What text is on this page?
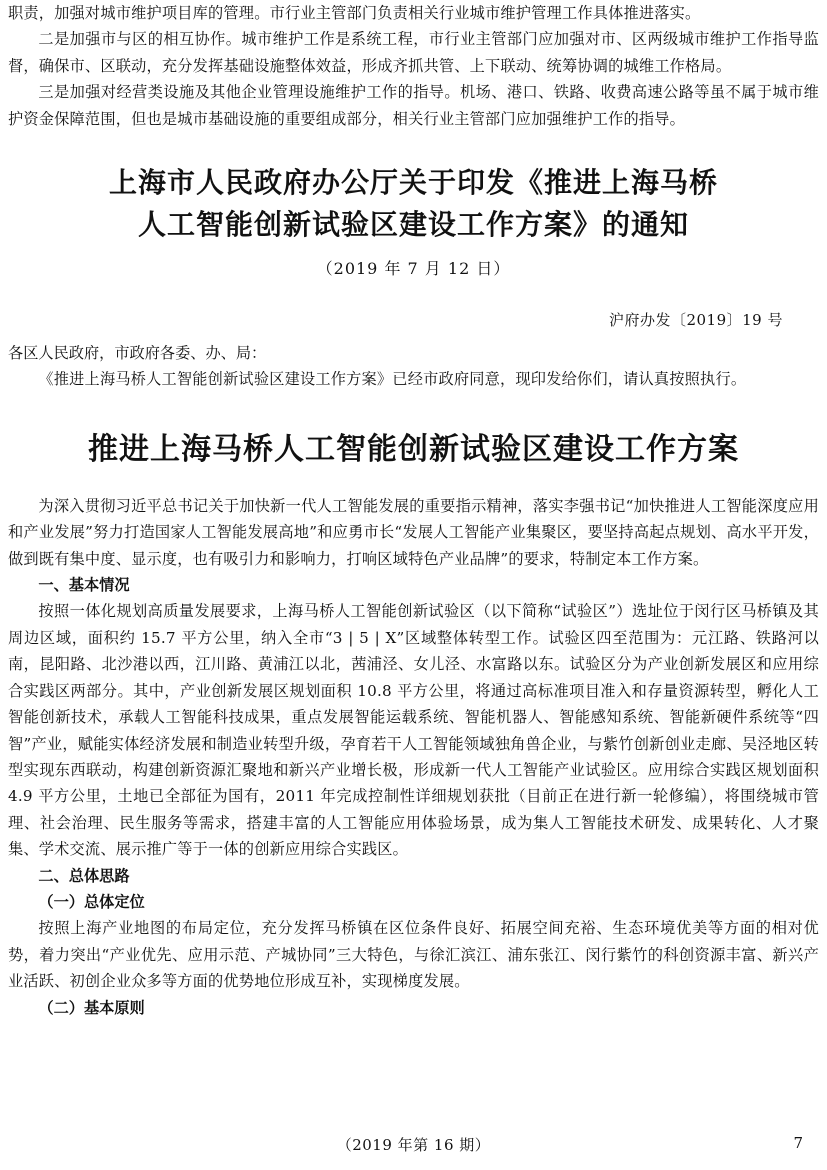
职责，加强对城市维护项目库的管理。市行业主管部门负责相关行业城市维护管理工作具体推进落实。

二是加强市与区的相互协作。城市维护工作是系统工程，市行业主管部门应加强对市、区两级城市维护工作指导监督，确保市、区联动，充分发挥基础设施整体效益，形成齐抓共管、上下联动、统筹协调的城维工作格局。

三是加强对经营类设施及其他企业管理设施维护工作的指导。机场、港口、铁路、收费高速公路等虽不属于城市维护资金保障范围，但也是城市基础设施的重要组成部分，相关行业主管部门应加强维护工作的指导。

上海市人民政府办公厅关于印发《推进上海马桥
人工智能创新试验区建设工作方案》的通知
（2019 年 7 月 12 日）
沪府办发〔2019〕19 号
各区人民政府，市政府各委、办、局：

《推进上海马桥人工智能创新试验区建设工作方案》已经市政府同意，现印发给你们，请认真按照执行。

推进上海马桥人工智能创新试验区建设工作方案

为深入贯彻习近平总书记关于加快新一代人工智能发展的重要指示精神，落实李强书记“加快推进人工智能深度应用和产业发展”努力打造国家人工智能发展高地”和应勇市长“发展人工智能产业集聚区，要坚持高起点规划、高水平开发，做到既有集中度、显示度，也有吸引力和影响力，打响区域特色产业品牌”的要求，特制定本工作方案。

一、基本情况

按照一体化规划高质量发展要求，上海马桥人工智能创新试验区（以下简称“试验区”）选址位于闵行区马桥镇及其周边区域，面积约 15.7 平方公里，纳入全市“3 | 5 | X”区域整体转型工作。试验区四至范围为：元江路、铁路河以南，昆阳路、北沙港以西，江川路、黄浦江以北，茜浦泾、女儿泾、水富路以东。试验区分为产业创新发展区和应用综合实践区两部分。其中，产业创新发展区规划面积 10.8 平方公里，将通过高标准项目准入和存量资源转型，孵化人工智能创新技术，承载人工智能科技成果，重点发展智能运载系统、智能机器人、智能感知系统、智能新硬件系统等“四智”产业，赋能实体经济发展和制造业转型升级，孕育若干人工智能领域独角兽企业，与紫竹创新创业走廊、吴泾地区转型实现东西联动，构建创新资源汇聚地和新兴产业增长极，形成新一代人工智能产业试验区。应用综合实践区规划面积 4.9 平方公里，土地已全部征为国有，2011 年完成控制性详细规划获批（目前正在进行新一轮修编），将围绕城市管理、社会治理、民生服务等需求，搭建丰富的人工智能应用体验场景，成为集人工智能技术研发、成果转化、人才聚集、学术交流、展示推广等于一体的创新应用综合实践区。

二、总体思路

（一）总体定位

按照上海产业地图的布局定位，充分发挥马桥镇在区位条件良好、拓展空间充裕、生态环境优美等方面的相对优势，着力突出“产业优先、应用示范、产城协同”三大特色，与徐汇滨江、浦东张江、闵行紫竹的科创资源丰富、新兴产业活跃、初创企业众多等方面的优势地位形成互补，实现梯度发展。

（二）基本原则

（2019 年第 16 期）	7
